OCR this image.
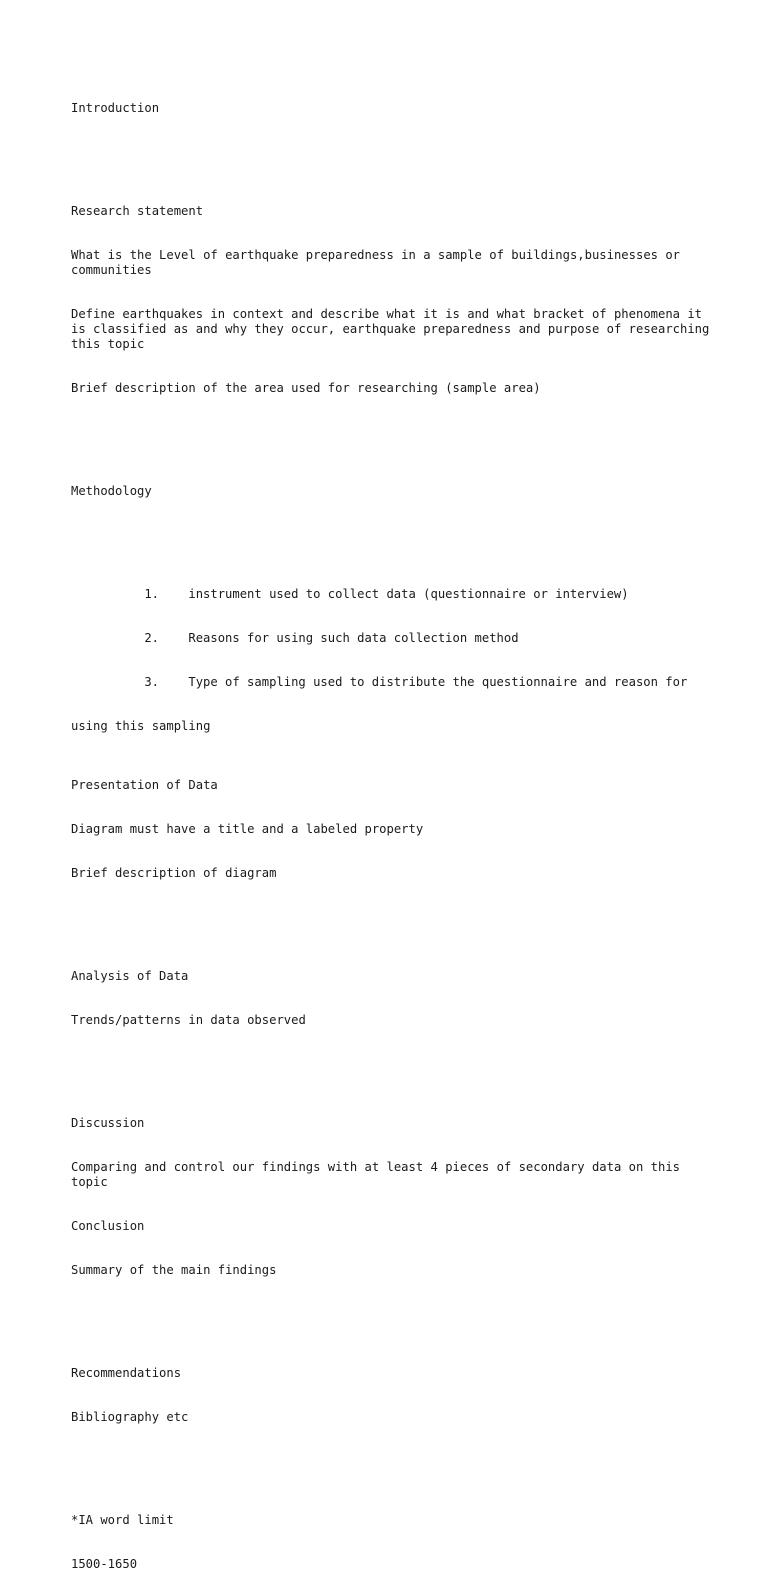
Introduction

Research statement

What is the Level of earthquake preparedness in a sample of buildings,businesses or communities

Define earthquakes in context and describe what it is and what bracket of phenomena it is classified as and why they occur, earthquake preparedness and purpose of researching this topic

Brief description of the area used for researching (sample area)

Methodology

1. instrument used to collect data (questionnaire or interview)

2. Reasons for using such data collection method

3. Type of sampling used to distribute the questionnaire and reason for

using this sampling

Presentation of Data

Diagram must have a title and a labeled property

Brief description of diagram

Analysis of Data

Trends/patterns in data observed

Discussion

Comparing and control our findings with at least 4 pieces of secondary data on this topic

Conclusion

Summary of the main findings

Recommendations

Bibliography etc

*IA word limit

1500-1650
